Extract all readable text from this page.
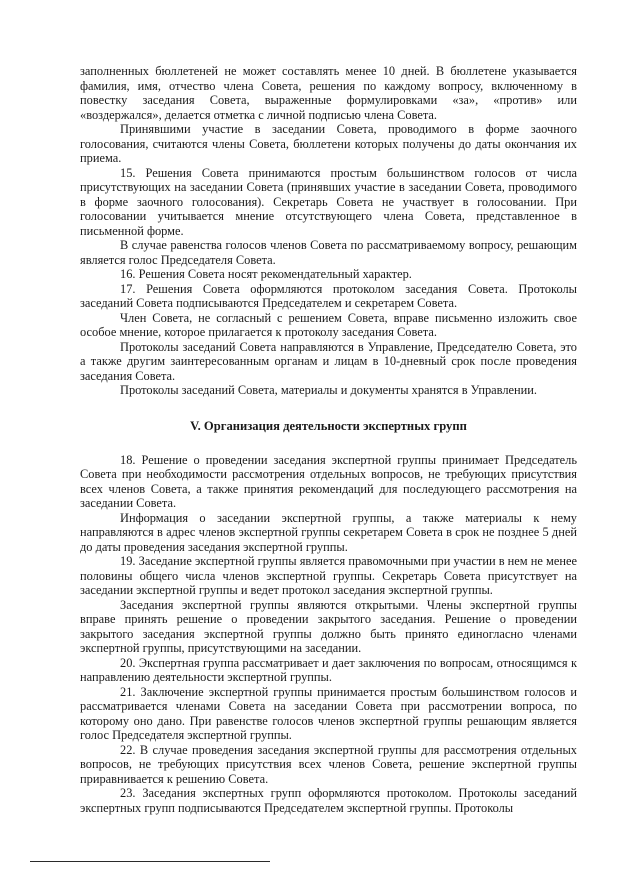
заполненных бюллетеней не может составлять менее 10 дней. В бюллетене указывается фамилия, имя, отчество члена Совета, решения по каждому вопросу, включенному в повестку заседания Совета, выраженные формулировками «за», «против» или «воздержался», делается отметка с личной подписью члена Совета.

Принявшими участие в заседании Совета, проводимого в форме заочного голосования, считаются члены Совета, бюллетени которых получены до даты окончания их приема.

15. Решения Совета принимаются простым большинством голосов от числа присутствующих на заседании Совета (принявших участие в заседании Совета, проводимого в форме заочного голосования). Секретарь Совета не участвует в голосовании. При голосовании учитывается мнение отсутствующего члена Совета, представленное в письменной форме.

В случае равенства голосов членов Совета по рассматриваемому вопросу, решающим является голос Председателя Совета.

16. Решения Совета носят рекомендательный характер.

17. Решения Совета оформляются протоколом заседания Совета. Протоколы заседаний Совета подписываются Председателем и секретарем Совета.

Член Совета, не согласный с решением Совета, вправе письменно изложить свое особое мнение, которое прилагается к протоколу заседания Совета.

Протоколы заседаний Совета направляются в Управление, Председателю Совета, это а также другим заинтересованным органам и лицам в 10-дневный срок после проведения заседания Совета.

Протоколы заседаний Совета, материалы и документы хранятся в Управлении.

V. Организация деятельности экспертных групп

18. Решение о проведении заседания экспертной группы принимает Председатель Совета при необходимости рассмотрения отдельных вопросов, не требующих присутствия всех членов Совета, а также принятия рекомендаций для последующего рассмотрения на заседании Совета.

Информация о заседании экспертной группы, а также материалы к нему направляются в адрес членов экспертной группы секретарем Совета в срок не позднее 5 дней до даты проведения заседания экспертной группы.

19. Заседание экспертной группы является правомочными при участии в нем не менее половины общего числа членов экспертной группы. Секретарь Совета присутствует на заседании экспертной группы и ведет протокол заседания экспертной группы.

Заседания экспертной группы являются открытыми. Члены экспертной группы вправе принять решение о проведении закрытого заседания. Решение о проведении закрытого заседания экспертной группы должно быть принято единогласно членами экспертной группы, присутствующими на заседании.

20. Экспертная группа рассматривает и дает заключения по вопросам, относящимся к направлению деятельности экспертной группы.

21. Заключение экспертной группы принимается простым большинством голосов и рассматривается членами Совета на заседании Совета при рассмотрении вопроса, по которому оно дано. При равенстве голосов членов экспертной группы решающим является голос Председателя экспертной группы.

22. В случае проведения заседания экспертной группы для рассмотрения отдельных вопросов, не требующих присутствия всех членов Совета, решение экспертной группы приравнивается к решению Совета.

23. Заседания экспертных групп оформляются протоколом. Протоколы заседаний экспертных групп подписываются Председателем экспертной группы. Протоколы
